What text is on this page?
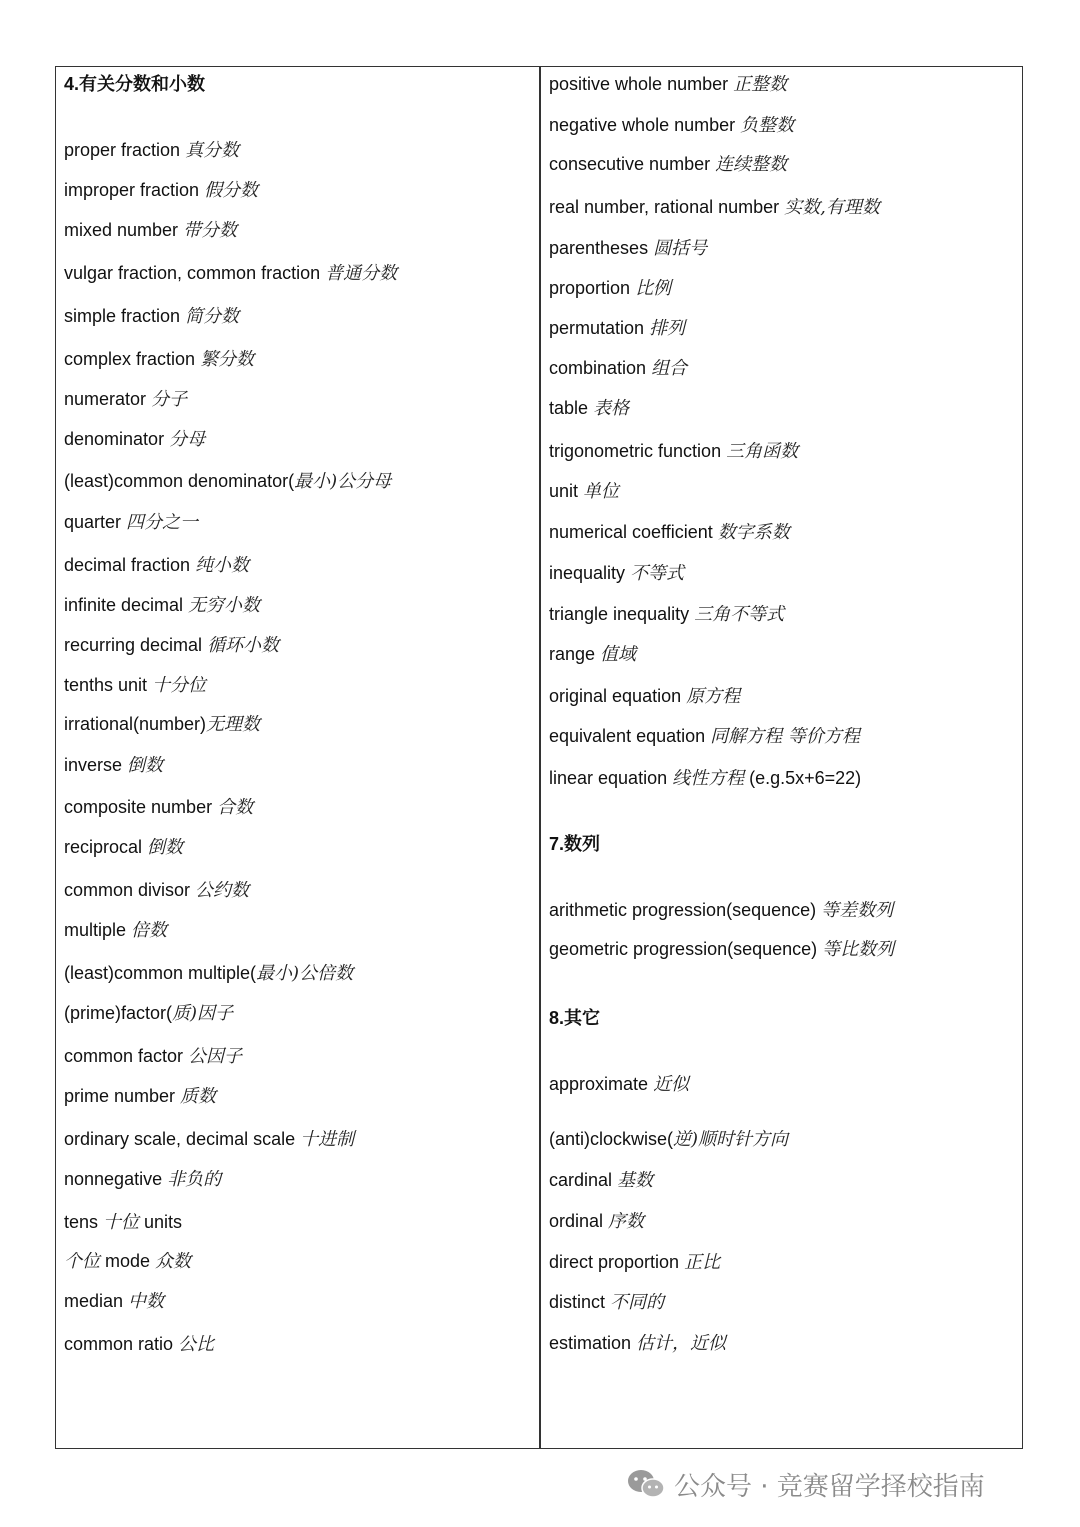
4.有关分数和小数
proper fraction 真分数
improper fraction 假分数
mixed number 带分数
vulgar fraction, common fraction 普通分数
simple fraction 简分数
complex fraction 繁分数
numerator 分子
denominator 分母
(least)common denominator(最小)公分母
quarter 四分之一
decimal fraction 纯小数
infinite decimal 无穷小数
recurring decimal 循环小数
tenths unit 十分位
irrational(number)无理数
inverse 倒数
composite number 合数
reciprocal 倒数
common divisor 公约数
multiple 倍数
(least)common multiple(最小)公倍数
(prime)factor(质)因子
common factor 公因子
prime number 质数
ordinary scale, decimal scale 十进制
nonnegative 非负的
tens 十位 units
个位 mode 众数
median 中数
common ratio 公比
positive whole number 正整数
negative whole number 负整数
consecutive number 连续整数
real number, rational number 实数,有理数
parentheses 圆括号
proportion 比例
permutation 排列
combination 组合
table 表格
trigonometric function 三角函数
unit 单位
numerical coefficient 数字系数
inequality 不等式
triangle inequality 三角不等式
range 值域
original equation 原方程
equivalent equation 同解方程 等价方程
linear equation 线性方程 (e.g.5x+6=22)
7.数列
arithmetic progression(sequence) 等差数列
geometric progression(sequence) 等比数列
8.其它
approximate 近似
(anti)clockwise(逆)顺时针方向
cardinal 基数
ordinal 序数
direct proportion 正比
distinct 不同的
estimation 估计，近似
公众号 · 竞赛留学择校指南
